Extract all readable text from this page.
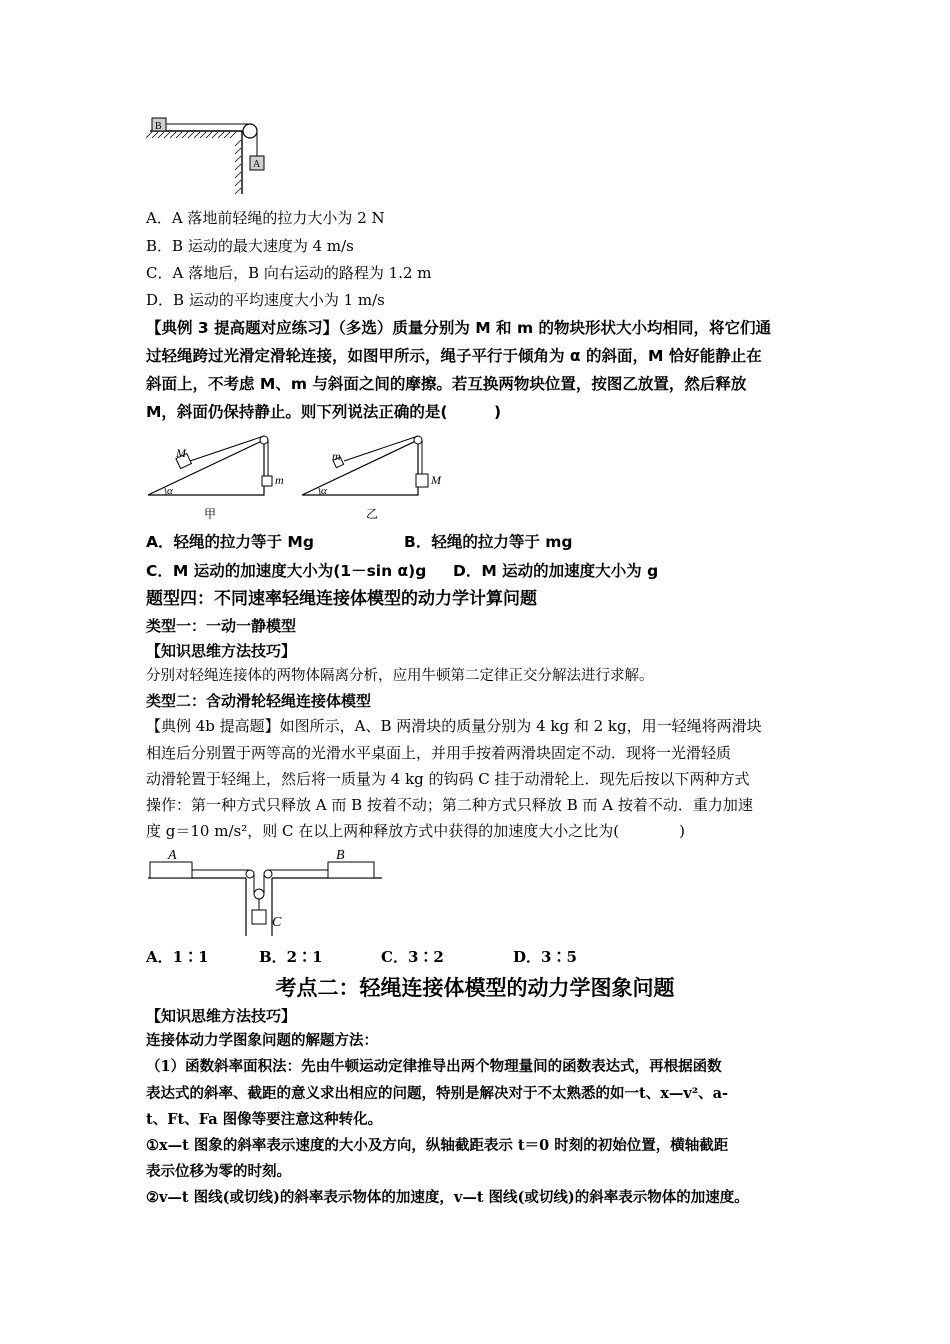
B
A
A．A 落地前轻绳的拉力大小为 2 N
B．B 运动的最大速度为 4 m/s
C．A 落地后，B 向右运动的路程为 1.2 m
D．B 运动的平均速度大小为 1 m/s
【典例 3 提高题对应练习】（多选）质量分别为 M 和 m 的物块形状大小均相同，将它们通
过轻绳跨过光滑定滑轮连接，如图甲所示，绳子平行于倾角为 α 的斜面，M 恰好能静止在
斜面上，不考虑 M、m 与斜面之间的摩擦。若互换两物块位置，按图乙放置，然后释放
M，斜面仍保持静止。则下列说法正确的是(　　　)
M
m
α
甲
m
M
α
乙
A．轻绳的拉力等于 Mg	B．轻绳的拉力等于 mg
C．M 运动的加速度大小为(1－sin α)g D．M 运动的加速度大小为 g
题型四：不同速率轻绳连接体模型的动力学计算问题
类型一：一动一静模型
【知识思维方法技巧】
分别对轻绳连接体的两物体隔离分析，应用牛顿第二定律正交分解法进行求解。
类型二：含动滑轮轻绳连接体模型
【典例 4b 提高题】如图所示，A、B 两滑块的质量分别为 4 kg 和 2 kg，用一轻绳将两滑块
相连后分别置于两等高的光滑水平桌面上，并用手按着两滑块固定不动．现将一光滑轻质
动滑轮置于轻绳上，然后将一质量为 4 kg 的钩码 C 挂于动滑轮上．现先后按以下两种方式
操作：第一种方式只释放 A 而 B 按着不动；第二种方式只释放 B 而 A 按着不动．重力加速
度 g＝10 m/s²，则 C 在以上两种释放方式中获得的加速度大小之比为(　　　　)
A	B
C
A．1∶1	B．2∶1	C．3∶2	D．3∶5
考点二：轻绳连接体模型的动力学图象问题
【知识思维方法技巧】
连接体动力学图象问题的解题方法：
（1）函数斜率面积法：先由牛顿运动定律推导出两个物理量间的函数表达式，再根据函数
表达式的斜率、截距的意义求出相应的问题，特别是解决对于不太熟悉的如一t、x—v²、a-
t、Ft、Fa 图像等要注意这种转化。
①x—t 图象的斜率表示速度的大小及方向，纵轴截距表示 t＝0 时刻的初始位置，横轴截距
表示位移为零的时刻。
②v—t 图线(或切线)的斜率表示物体的加速度，v—t 图线(或切线)的斜率表示物体的加速度。
